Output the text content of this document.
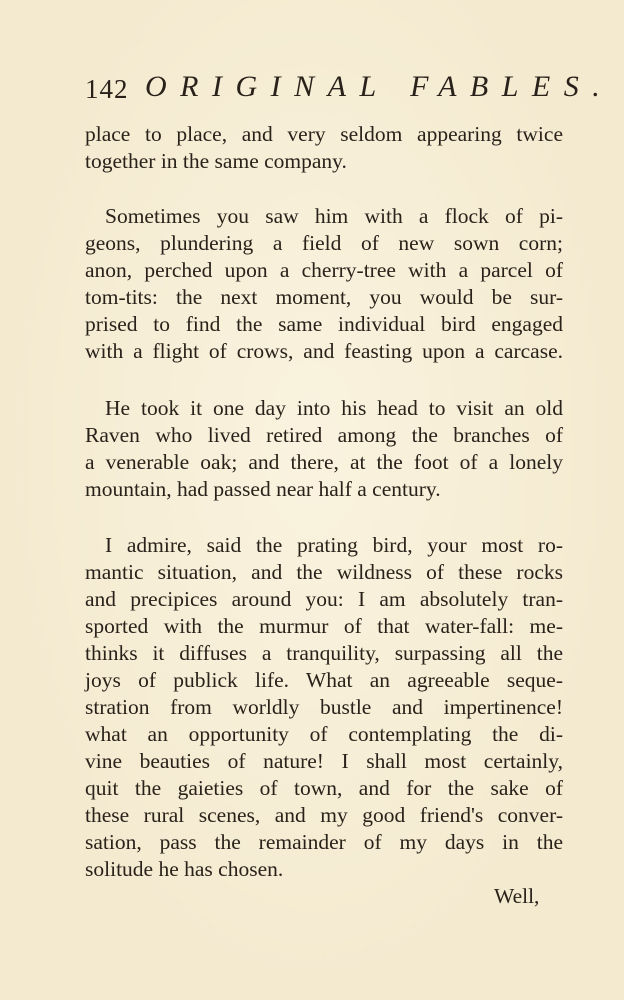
142 ORIGINAL FABLES.
place to place, and very seldom appearing twice
together in the same company.
Sometimes you saw him with a flock of pi-
geons, plundering a field of new sown corn;
anon, perched upon a cherry-tree with a parcel of
tom-tits: the next moment, you would be sur-
prised to find the same individual bird engaged
with a flight of crows, and feasting upon a carcase.
He took it one day into his head to visit an old
Raven who lived retired among the branches of
a venerable oak; and there, at the foot of a lonely
mountain, had passed near half a century.
I admire, said the prating bird, your most ro-
mantic situation, and the wildness of these rocks
and precipices around you: I am absolutely tran-
sported with the murmur of that water-fall: me-
thinks it diffuses a tranquility, surpassing all the
joys of publick life. What an agreeable seque-
stration from worldly bustle and impertinence!
what an opportunity of contemplating the di-
vine beauties of nature! I shall most certainly,
quit the gaieties of town, and for the sake of
these rural scenes, and my good friend's conver-
sation, pass the remainder of my days in the
solitude he has chosen.
Well,
